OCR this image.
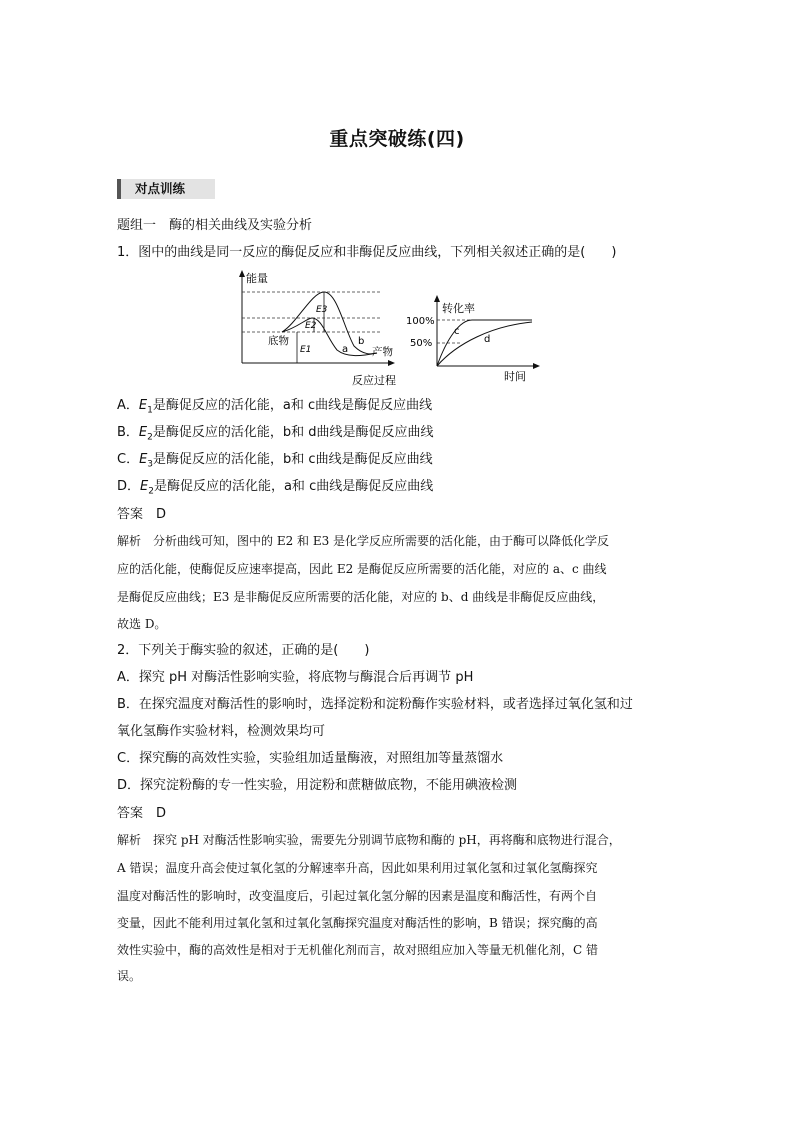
重点突破练(四)
对点训练
题组一　酶的相关曲线及实验分析
1．图中的曲线是同一反应的酶促反应和非酶促反应曲线，下列相关叙述正确的是(　　)
能量
反应过程
底物
产物
a
b
E1
E2
E3	转化率
100%
50%
c
d
时间
A．$E_1$是酶促反应的活化能，a和 c曲线是酶促反应曲线
B．$E_2$是酶促反应的活化能，b和 d曲线是酶促反应曲线
C．$E_3$是酶促反应的活化能，b和 c曲线是酶促反应曲线
D．$E_2$是酶促反应的活化能，a和 c曲线是酶促反应曲线
答案　D
解析　分析曲线可知，图中的 E2 和 E3 是化学反应所需要的活化能，由于酶可以降低化学反
应的活化能，使酶促反应速率提高，因此 E2 是酶促反应所需要的活化能，对应的 a、c 曲线
是酶促反应曲线；E3 是非酶促反应所需要的活化能，对应的 b、d 曲线是非酶促反应曲线，
故选 D。
2．下列关于酶实验的叙述，正确的是(　　)
A．探究 pH 对酶活性影响实验，将底物与酶混合后再调节 pH
B．在探究温度对酶活性的影响时，选择淀粉和淀粉酶作实验材料，或者选择过氧化氢和过
氧化氢酶作实验材料，检测效果均可
C．探究酶的高效性实验，实验组加适量酶液，对照组加等量蒸馏水
D．探究淀粉酶的专一性实验，用淀粉和蔗糖做底物，不能用碘液检测
答案　D
解析　探究 pH 对酶活性影响实验，需要先分别调节底物和酶的 pH，再将酶和底物进行混合，
A 错误；温度升高会使过氧化氢的分解速率升高，因此如果利用过氧化氢和过氧化氢酶探究
温度对酶活性的影响时，改变温度后，引起过氧化氢分解的因素是温度和酶活性，有两个自
变量，因此不能利用过氧化氢和过氧化氢酶探究温度对酶活性的影响，B 错误；探究酶的高
效性实验中，酶的高效性是相对于无机催化剂而言，故对照组应加入等量无机催化剂，C 错
误。
